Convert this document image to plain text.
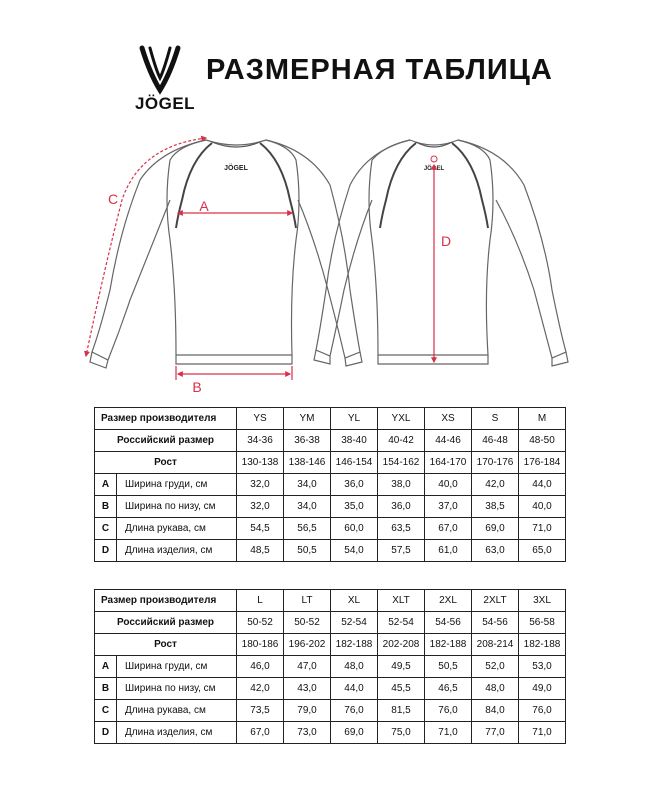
JÖGEL
РАЗМЕРНАЯ ТАБЛИЦА
JÖGEL	JÖGEL
A
B
C
D
Размер производителя		YS	YM	YL	YXL	XS	S	M
Российский размер		34-36	36-38	38-40	40-42	44-46	46-48	48-50
Рост		130-138	138-146	146-154	154-162	164-170	170-176	176-184
A	Ширина груди, см	32,0	34,0	36,0	38,0	40,0	42,0	44,0
B	Ширина по низу, см	32,0	34,0	35,0	36,0	37,0	38,5	40,0
C	Длина рукава, см	54,5	56,5	60,0	63,5	67,0	69,0	71,0
D	Длина изделия, см	48,5	50,5	54,0	57,5	61,0	63,0	65,0
Размер производителя		L	LT	XL	XLT	2XL	2XLT	3XL
Российский размер		50-52	50-52	52-54	52-54	54-56	54-56	56-58
Рост		180-186	196-202	182-188	202-208	182-188	208-214	182-188
A	Ширина груди, см	46,0	47,0	48,0	49,5	50,5	52,0	53,0
B	Ширина по низу, см	42,0	43,0	44,0	45,5	46,5	48,0	49,0
C	Длина рукава, см	73,5	79,0	76,0	81,5	76,0	84,0	76,0
D	Длина изделия, см	67,0	73,0	69,0	75,0	71,0	77,0	71,0
